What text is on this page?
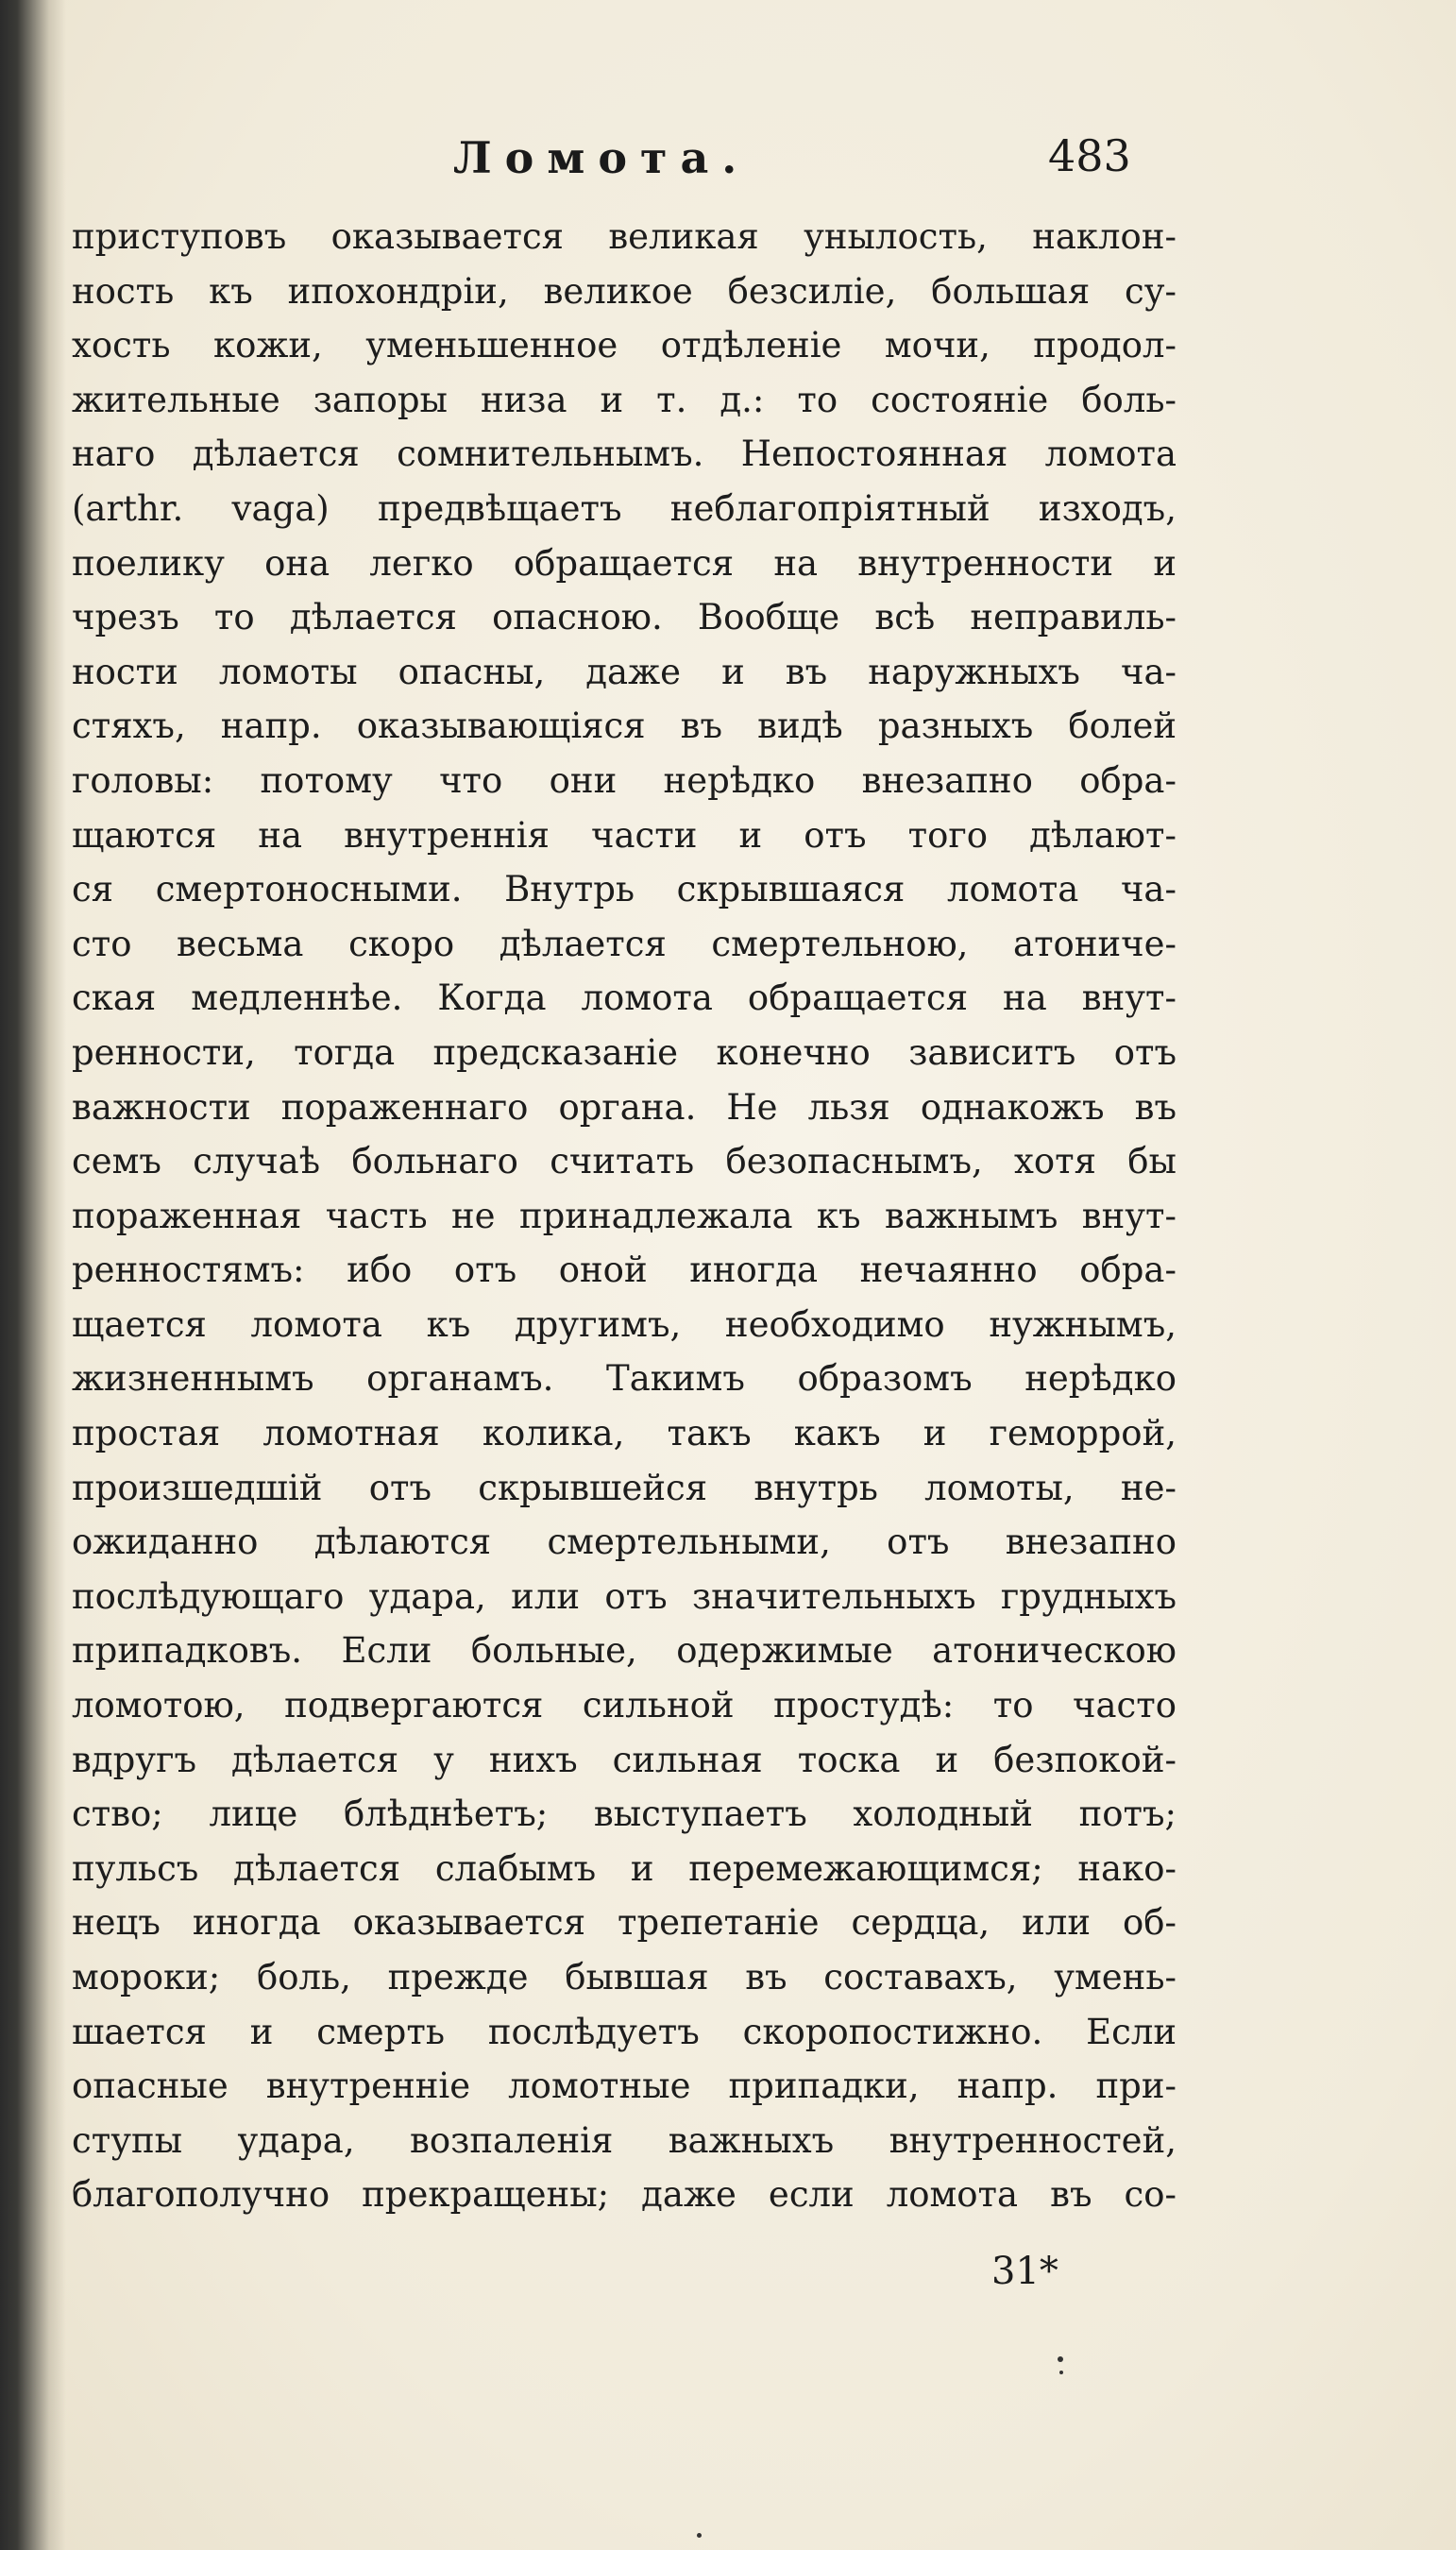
Ломота.	483
приступовъ оказывается великая унылость, наклон-
ность къ ипохондріи, великое безсиліе, большая су-
хость кожи, уменьшенное отдѣленіе мочи, продол-
жительные запоры низа и т. д.: то состояніе боль-
наго дѣлается сомнительнымъ. Непостоянная ломота
(arthr. vaga) предвѣщаетъ неблагопріятный изходъ,
поелику она легко обращается на внутренности и
чрезъ то дѣлается опасною. Вообще всѣ неправиль-
ности ломоты опасны, даже и въ наружныхъ ча-
стяхъ, напр. оказывающіяся въ видѣ разныхъ болей
головы: потому что они нерѣдко внезапно обра-
щаются на внутреннія части и отъ того дѣлают-
ся смертоносными. Внутрь скрывшаяся ломота ча-
сто весьма скоро дѣлается смертельною, атониче-
ская медленнѣе. Когда ломота обращается на внут-
ренности, тогда предсказаніе конечно зависитъ отъ
важности пораженнаго органа. Не льзя однакожъ въ
семъ случаѣ больнаго считать безопаснымъ, хотя бы
пораженная часть не принадлежала къ важнымъ внут-
ренностямъ: ибо отъ оной иногда нечаянно обра-
щается ломота къ другимъ, необходимо нужнымъ,
жизненнымъ органамъ. Такимъ образомъ нерѣдко
простая ломотная колика, такъ какъ и геморрой,
произшедшій отъ скрывшейся внутрь ломоты, не-
ожиданно дѣлаются смертельными, отъ внезапно
послѣдующаго удара, или отъ значительныхъ грудныхъ
припадковъ. Если больные, одержимые атоническою
ломотою, подвергаются сильной простудѣ: то часто
вдругъ дѣлается у нихъ сильная тоска и безпокой-
ство; лице блѣднѣетъ; выступаетъ холодный потъ;
пульсъ дѣлается слабымъ и перемежающимся; нако-
нецъ иногда оказывается трепетаніе сердца, или об-
мороки; боль, прежде бывшая въ составахъ, умень-
шается и смерть послѣдуетъ скоропостижно. Если
опасные внутренніе ломотные припадки, напр. при-
ступы удара, возпаленія важныхъ внутренностей,
благополучно прекращены; даже если ломота въ со-
31*
